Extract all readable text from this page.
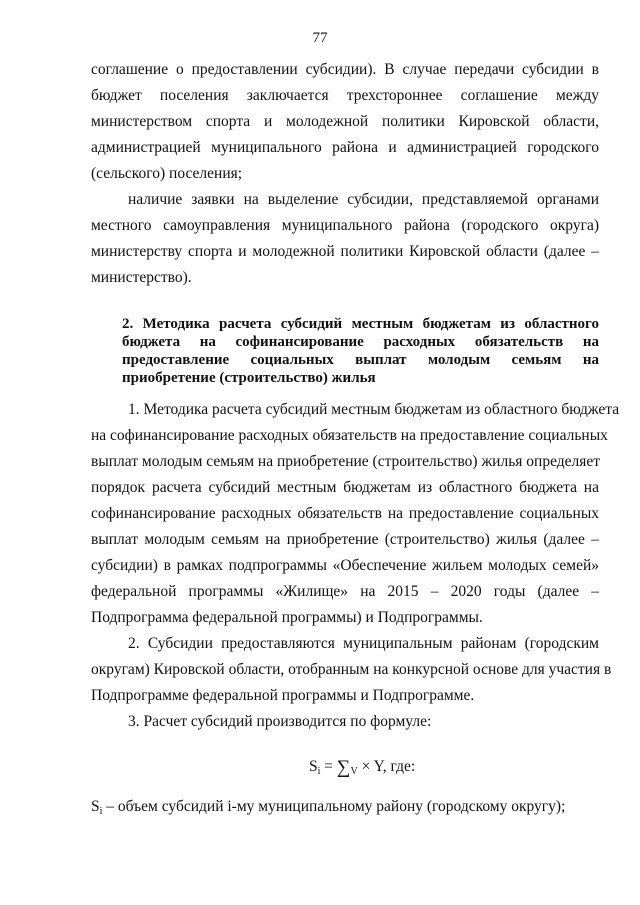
77
соглашение о предоставлении субсидии). В случае передачи субсидии в
бюджет поселения заключается трехстороннее соглашение между
министерством спорта и молодежной политики Кировской области,
администрацией муниципального района и администрацией городского
(сельского) поселения;
наличие заявки на выделение субсидии, представляемой органами
местного самоуправления муниципального района (городского округа)
министерству спорта и молодежной политики Кировской области (далее –
министерство).
2. Методика расчета субсидий местным бюджетам из областного
бюджета на софинансирование расходных обязательств на
предоставление социальных выплат молодым семьям на
приобретение (строительство) жилья
1. Методика расчета субсидий местным бюджетам из областного бюджета
на софинансирование расходных обязательств на предоставление социальных
выплат молодым семьям на приобретение (строительство) жилья определяет
порядок расчета субсидий местным бюджетам из областного бюджета на
софинансирование расходных обязательств на предоставление социальных
выплат молодым семьям на приобретение (строительство) жилья (далее –
субсидии) в рамках подпрограммы «Обеспечение жильем молодых семей»
федеральной программы «Жилище» на 2015 – 2020 годы (далее –
Подпрограмма федеральной программы) и Подпрограммы.
2. Субсидии предоставляются муниципальным районам (городским
округам) Кировской области, отобранным на конкурсной основе для участия в
Подпрограмме федеральной программы и Подпрограмме.
3. Расчет субсидий производится по формуле:
$S_i = \sum_V \times Y$, где:
Si – объем субсидий i-му муниципальному району (городскому округу);
